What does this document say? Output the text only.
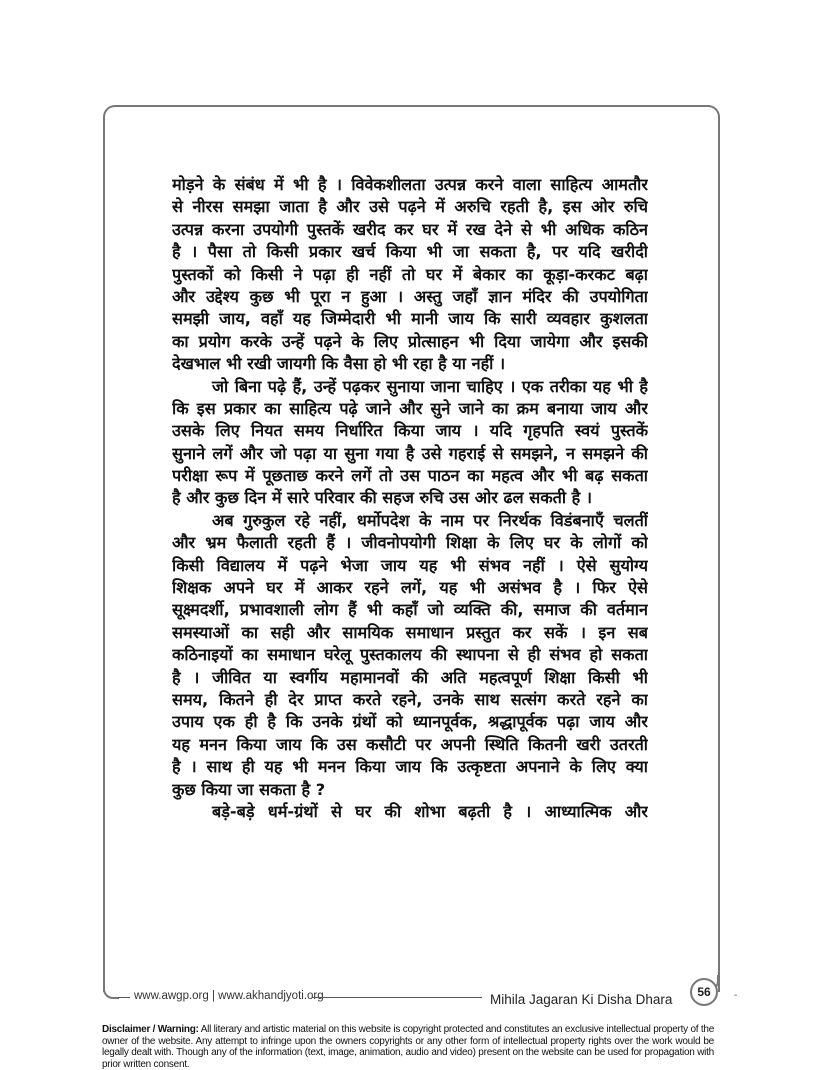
मोड़ने के संबंध में भी है । विवेकशीलता उत्पन्न करने वाला साहित्य आमतौर
से नीरस समझा जाता है और उसे पढ़ने में अरुचि रहती है, इस ओर रुचि
उत्पन्न करना उपयोगी पुस्तकें खरीद कर घर में रख देने से भी अधिक कठिन
है । पैसा तो किसी प्रकार खर्च किया भी जा सकता है, पर यदि खरीदी
पुस्तकों को किसी ने पढ़ा ही नहीं तो घर में बेकार का कूड़ा-करकट बढ़ा
और उद्देश्य कुछ भी पूरा न हुआ । अस्तु जहाँ ज्ञान मंदिर की उपयोगिता
समझी जाय, वहाँ यह जिम्मेदारी भी मानी जाय कि सारी व्यवहार कुशलता
का प्रयोग करके उन्हें पढ़ने के लिए प्रोत्साहन भी दिया जायेगा और इसकी
देखभाल भी रखी जायगी कि वैसा हो भी रहा है या नहीं ।
जो बिना पढ़े हैं, उन्हें पढ़कर सुनाया जाना चाहिए । एक तरीका यह भी है
कि इस प्रकार का साहित्य पढ़े जाने और सुने जाने का क्रम बनाया जाय और
उसके लिए नियत समय निर्धारित किया जाय । यदि गृहपति स्वयं पुस्तकें
सुनाने लगें और जो पढ़ा या सुना गया है उसे गहराई से समझने, न समझने की
परीक्षा रूप में पूछताछ करने लगें तो उस पाठन का महत्व और भी बढ़ सकता
है और कुछ दिन में सारे परिवार की सहज रुचि उस ओर ढल सकती है ।
अब गुरुकुल रहे नहीं, धर्मोपदेश के नाम पर निरर्थक विडंबनाएँ चलतीं
और भ्रम फैलाती रहती हैं । जीवनोपयोगी शिक्षा के लिए घर के लोगों को
किसी विद्यालय में पढ़ने भेजा जाय यह भी संभव नहीं । ऐसे सुयोग्य
शिक्षक अपने घर में आकर रहने लगें, यह भी असंभव है । फिर ऐसे
सूक्ष्मदर्शी, प्रभावशाली लोग हैं भी कहाँ जो व्यक्ति की, समाज की वर्तमान
समस्याओं का सही और सामयिक समाधान प्रस्तुत कर सकें । इन सब
कठिनाइयों का समाधान घरेलू पुस्तकालय की स्थापना से ही संभव हो सकता
है । जीवित या स्वर्गीय महामानवों की अति महत्वपूर्ण शिक्षा किसी भी
समय, कितने ही देर प्राप्त करते रहने, उनके साथ सत्संग करते रहने का
उपाय एक ही है कि उनके ग्रंथों को ध्यानपूर्वक, श्रद्धापूर्वक पढ़ा जाय और
यह मनन किया जाय कि उस कसौटी पर अपनी स्थिति कितनी खरी उतरती
है । साथ ही यह भी मनन किया जाय कि उत्कृष्टता अपनाने के लिए क्या
कुछ किया जा सकता है ?
बड़े-बड़े धर्म-ग्रंथों से घर की शोभा बढ़ती है । आध्यात्मिक और
www.awgp.org | www.akhandjyoti.org	Mihila Jagaran Ki Disha Dhara	56	-
Disclaimer / Warning: All literary and artistic material on this website is copyright protected and constitutes an exclusive intellectual property of the owner of the website. Any attempt to infringe upon the owners copyrights or any other form of intellectual property rights over the work would be legally dealt with. Though any of the information (text, image, animation, audio and video) present on the website can be used for propagation with prior written consent.
